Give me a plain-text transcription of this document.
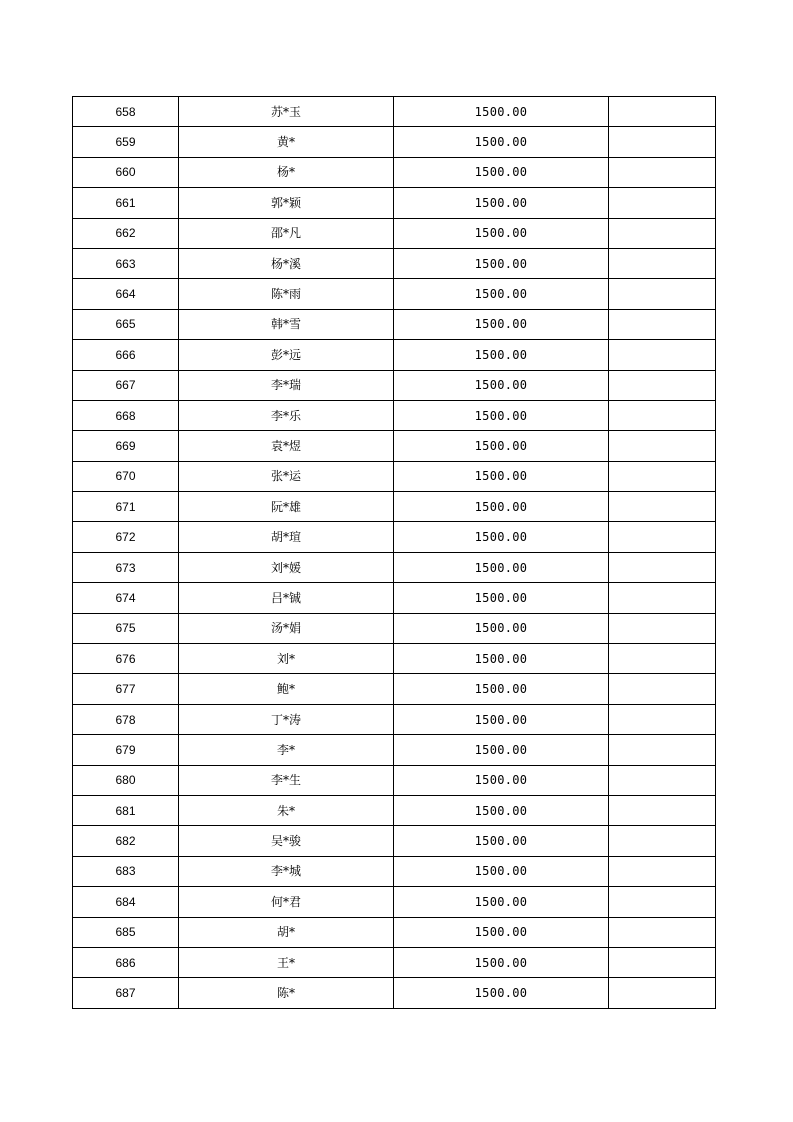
658	苏*玉	1500.00	
659	黄*	1500.00	
660	杨*	1500.00	
661	郭*颖	1500.00	
662	邵*凡	1500.00	
663	杨*溪	1500.00	
664	陈*雨	1500.00	
665	韩*雪	1500.00	
666	彭*远	1500.00	
667	李*瑞	1500.00	
668	李*乐	1500.00	
669	袁*煜	1500.00	
670	张*运	1500.00	
671	阮*雄	1500.00	
672	胡*瑄	1500.00	
673	刘*媛	1500.00	
674	吕*铖	1500.00	
675	汤*娟	1500.00	
676	刘*	1500.00	
677	鲍*	1500.00	
678	丁*涛	1500.00	
679	李*	1500.00	
680	李*生	1500.00	
681	朱*	1500.00	
682	吴*骏	1500.00	
683	李*城	1500.00	
684	何*君	1500.00	
685	胡*	1500.00	
686	王*	1500.00	
687	陈*	1500.00	
